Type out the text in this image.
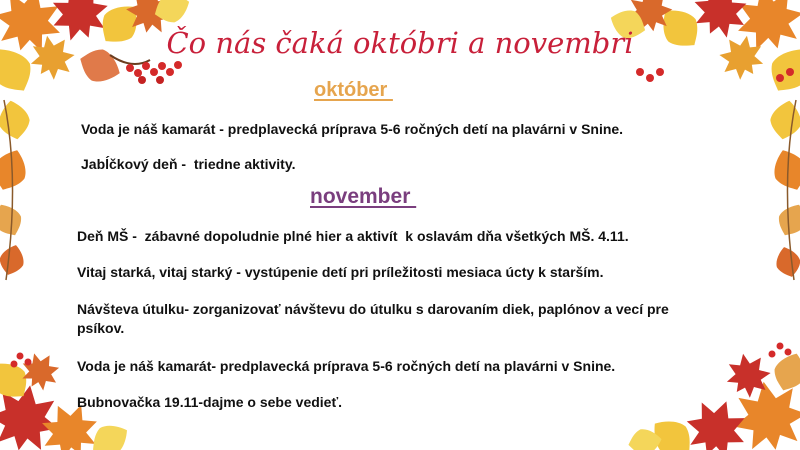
Čo nás čaká októbri a novembri
október
Voda je náš kamarát - predplavecká príprava 5-6 ročných detí na plavárni v Snine.
Jabĺčkový deň -  triedne aktivity.
november
Deň MŠ -  zábavné dopoludnie plné hier a aktivít  k oslavám dňa všetkých MŠ. 4.11.
Vitaj starká, vitaj starký - vystúpenie detí pri príležitosti mesiaca úcty k starším.
Návšteva útulku- zorganizovať návštevu do útulku s darovaním diek, paplónov a vecí pre psíkov.
Voda je náš kamarát- predplavecká príprava 5-6 ročných detí na plavárni v Snine.
Bubnovačka 19.11-dajme o sebe vedieť.
